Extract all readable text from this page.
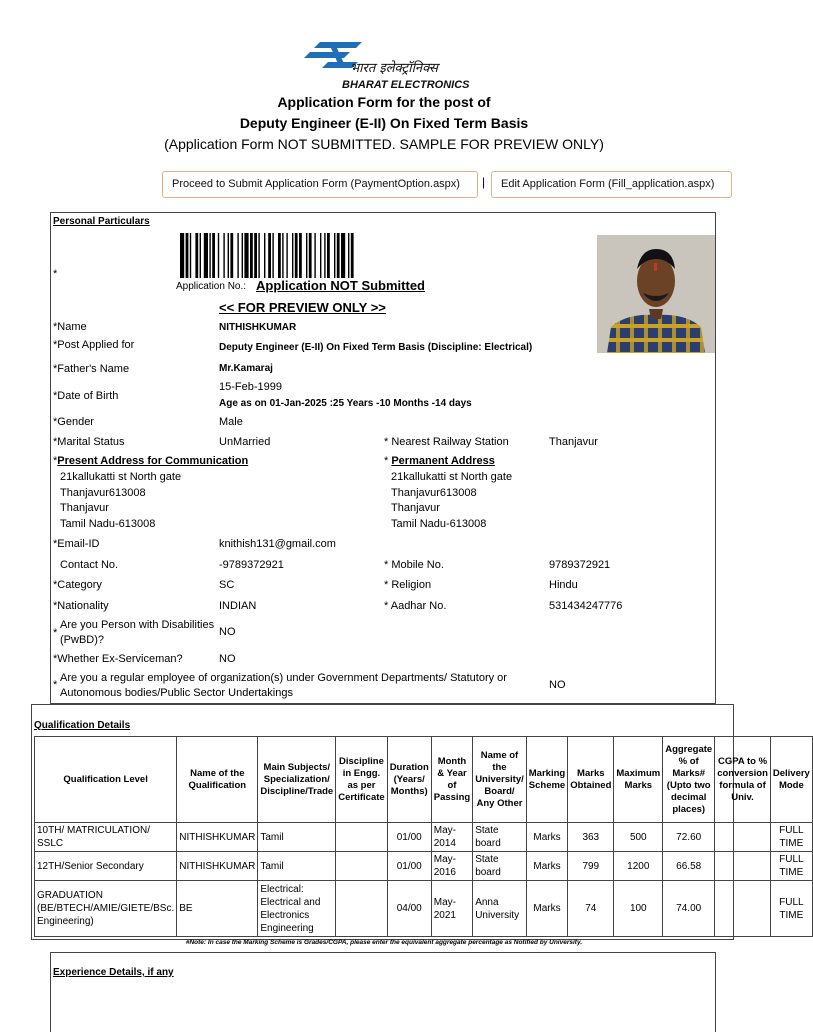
भारत इलेक्ट्रॉनिक्स
BHARAT ELECTRONICS
Application Form for the post of
Deputy Engineer (E-II) On Fixed Term Basis
(Application Form NOT SUBMITTED. SAMPLE FOR PREVIEW ONLY)
Proceed to Submit Application Form (PaymentOption.aspx)	|	Edit Application Form (Fill_application.aspx)
Personal Particulars
*
Application No.: Application NOT Submitted
<< FOR PREVIEW ONLY >>
*Name	NITHISHKUMAR
*Post Applied for	Deputy Engineer (E-II) On Fixed Term Basis (Discipline: Electrical)
*Father's Name	Mr.Kamaraj
*Date of Birth
15-Feb-1999
Age as on 01-Jan-2025 :25 Years -10 Months -14 days
*Gender	Male
*Marital Status	UnMarried	* Nearest Railway Station	Thanjavur
*Present Address for Communication
21kallukatti st North gate
Thanjavur613008
Thanjavur
Tamil Nadu-613008
* Permanent Address
21kallukatti st North gate
Thanjavur613008
Thanjavur
Tamil Nadu-613008
*Email-ID	knithish131@gmail.com
Contact No.	-9789372921	* Mobile No.	9789372921
*Category	SC	* Religion	Hindu
*Nationality	INDIAN	* Aadhar No.	531434247776
*
Are you Person with Disabilities
(PwBD)?
NO
*Whether Ex-Serviceman?	NO
*
Are you a regular employee of organization(s) under Government Departments/ Statutory or
Autonomous bodies/Public Sector Undertakings
NO
Qualification Details
Qualification Level	Name of the Qualification	Main Subjects/ Specialization/ Discipline/Trade	Discipline in Engg. as per Certificate	Duration (Years/ Months)	Month & Year of Passing	Name of the University/ Board/ Any Other	Marking Scheme	Marks Obtained	Maximum Marks	Aggregate % of Marks# (Upto two decimal places)	CGPA to % conversion formula of Univ.	Delivery Mode
10TH/ MATRICULATION/ SSLC	NITHISHKUMAR	Tamil		01/00	May-2014	State board	Marks	363	500	72.60		FULL TIME
12TH/Senior Secondary	NITHISHKUMAR	Tamil		01/00	May-2016	State board	Marks	799	1200	66.58		FULL TIME
GRADUATION (BE/BTECH/AMIE/GIETE/BSc. Engineering)	BE	Electrical: Electrical and Electronics Engineering		04/00	May-2021	Anna University	Marks	74	100	74.00		FULL TIME
#Note: In case the Marking Scheme is Grades/CGPA, please enter the equivalent aggregate percentage as Notified by University.
Experience Details, if any
